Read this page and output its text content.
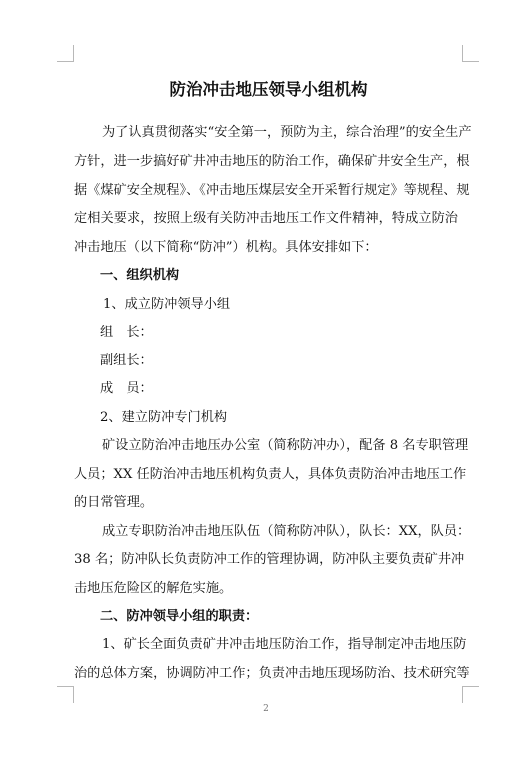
防治冲击地压领导小组机构
为了认真贯彻落实“安全第一，预防为主，综合治理”的安全生产
方针，进一步搞好矿井冲击地压的防治工作，确保矿井安全生产，根
据《煤矿安全规程》、《冲击地压煤层安全开采暂行规定》等规程、规
定相关要求，按照上级有关防冲击地压工作文件精神，特成立防治
冲击地压（以下简称“防冲”）机构。具体安排如下：
一、组织机构
1、成立防冲领导小组
组　长：
副组长：
成　员：
2、建立防冲专门机构
矿设立防治冲击地压办公室（简称防冲办），配备 8 名专职管理
人员；XX 任防治冲击地压机构负责人，具体负责防治冲击地压工作
的日常管理。
成立专职防治冲击地压队伍（简称防冲队），队长：XX，队员：
38 名；防冲队长负责防冲工作的管理协调，防冲队主要负责矿井冲
击地压危险区的解危实施。
二、防冲领导小组的职责：
1、矿长全面负责矿井冲击地压防治工作，指导制定冲击地压防
治的总体方案，协调防冲工作；负责冲击地压现场防治、技术研究等
2
